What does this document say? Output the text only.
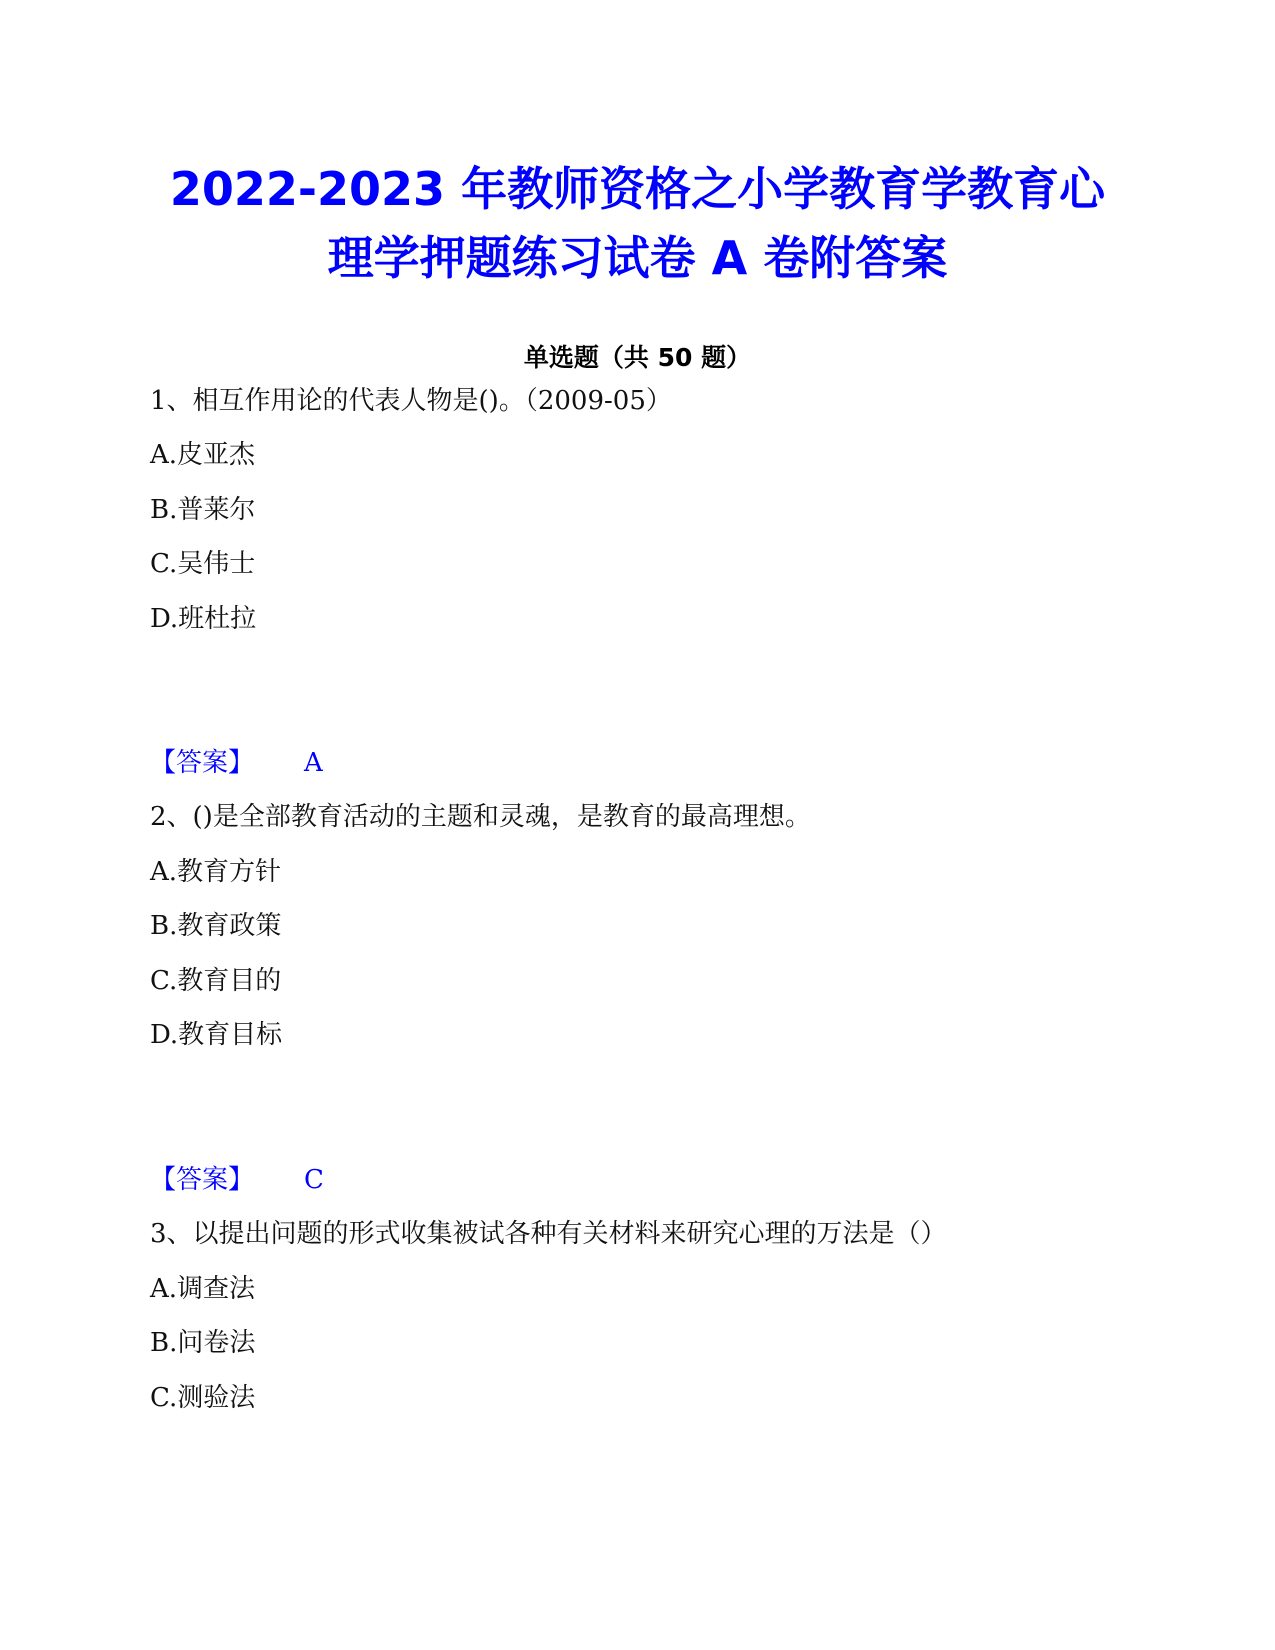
2022-2023 年教师资格之小学教育学教育心
理学押题练习试卷 A 卷附答案
单选题（共 50 题）
1、相互作用论的代表人物是()。（2009-05）
A.皮亚杰
B.普莱尔
C.吴伟士
D.班杜拉
【答案】 A
2、()是全部教育活动的主题和灵魂，是教育的最高理想。
A.教育方针
B.教育政策
C.教育目的
D.教育目标
【答案】 C
3、以提出问题的形式收集被试各种有关材料来研究心理的万法是（）
A.调查法
B.问卷法
C.测验法
